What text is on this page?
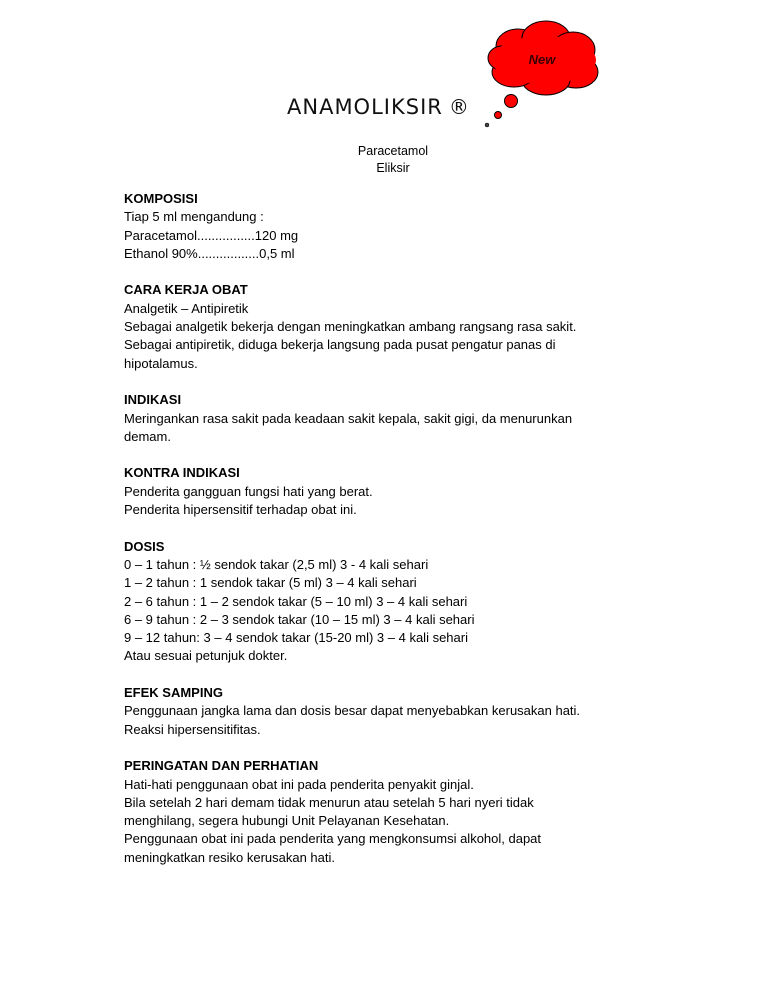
New
ANAMOLIKSIR ®
Paracetamol
Eliksir

KOMPOSISI

Tiap 5 ml mengandung :

Paracetamol................120 mg

Ethanol 90%.................0,5 ml

CARA KERJA OBAT

Analgetik – Antipiretik

Sebagai analgetik bekerja dengan meningkatkan ambang rangsang rasa sakit.

Sebagai antipiretik, diduga bekerja langsung pada pusat pengatur panas di

hipotalamus.

INDIKASI

Meringankan rasa sakit pada keadaan sakit kepala, sakit gigi, da menurunkan

demam.

KONTRA INDIKASI

Penderita gangguan fungsi hati yang berat.

Penderita hipersensitif terhadap obat ini.

DOSIS

0 – 1 tahun : ½ sendok takar (2,5 ml) 3 - 4 kali sehari

1 – 2 tahun : 1 sendok takar (5 ml) 3 – 4 kali sehari

2 – 6 tahun : 1 – 2 sendok takar (5 – 10 ml) 3 – 4 kali sehari

6 – 9 tahun : 2 – 3 sendok takar (10 – 15 ml) 3 – 4 kali sehari

9 – 12 tahun: 3 – 4 sendok takar (15-20 ml) 3 – 4 kali sehari

Atau sesuai petunjuk dokter.

EFEK SAMPING

Penggunaan jangka lama dan dosis besar dapat menyebabkan kerusakan hati.

Reaksi hipersensitifitas.

PERINGATAN DAN PERHATIAN

Hati-hati penggunaan obat ini pada penderita penyakit ginjal.

Bila setelah 2 hari demam tidak menurun atau setelah 5 hari nyeri tidak

menghilang, segera hubungi Unit Pelayanan Kesehatan.

Penggunaan obat ini pada penderita yang mengkonsumsi alkohol, dapat

meningkatkan resiko kerusakan hati.
